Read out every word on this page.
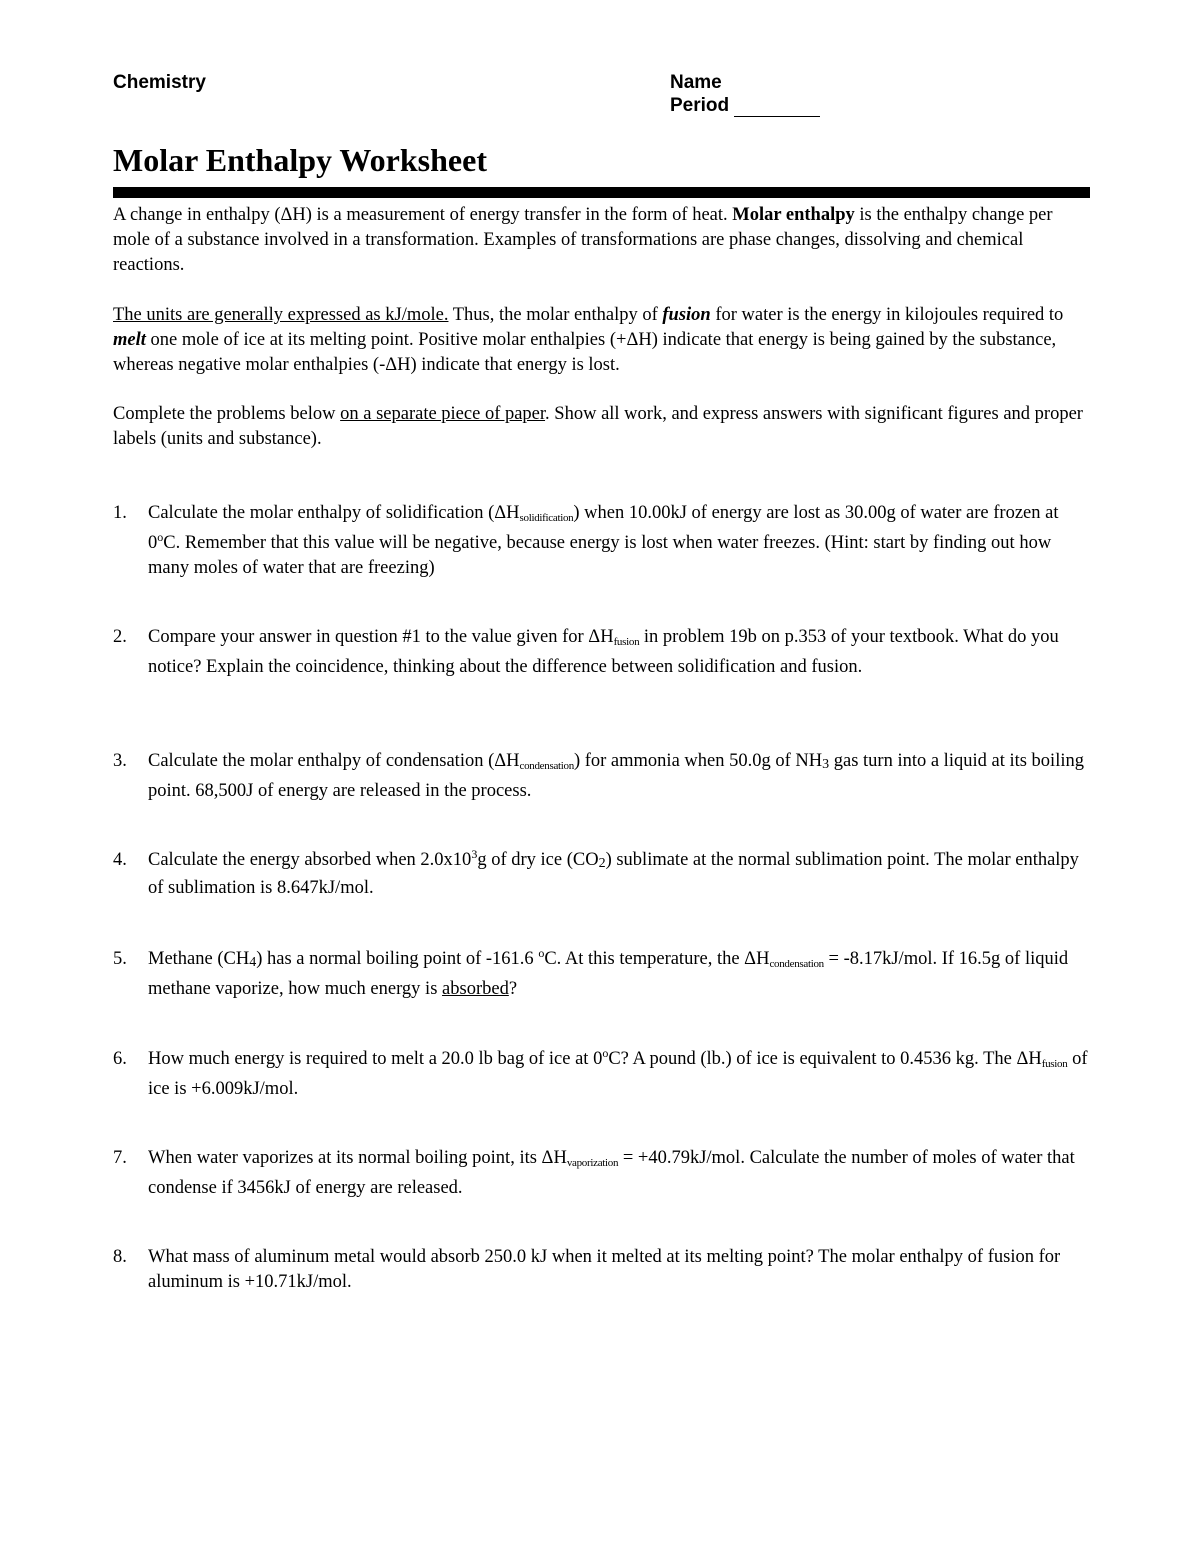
Chemistry	Name
Period
Molar Enthalpy Worksheet
A change in enthalpy (ΔH) is a measurement of energy transfer in the form of heat. Molar enthalpy is the enthalpy change per mole of a substance involved in a transformation. Examples of transformations are phase changes, dissolving and chemical reactions.
The units are generally expressed as kJ/mole. Thus, the molar enthalpy of fusion for water is the energy in kilojoules required to melt one mole of ice at its melting point. Positive molar enthalpies (+ΔH) indicate that energy is being gained by the substance, whereas negative molar enthalpies (-ΔH) indicate that energy is lost.
Complete the problems below on a separate piece of paper. Show all work, and express answers with significant figures and proper labels (units and substance).
1. Calculate the molar enthalpy of solidification $(\Delta H_{solidification})$ when 10.00kJ of energy are lost as 30.00g of water are frozen at 0$^o$C. Remember that this value will be negative, because energy is lost when water freezes. (Hint: start by finding out how many moles of water that are freezing)
2. Compare your answer in question #1 to the value given for $\Delta H_{fusion}$ in problem 19b on p.353 of your textbook. What do you notice? Explain the coincidence, thinking about the difference between solidification and fusion.
3. Calculate the molar enthalpy of condensation $(\Delta H_{condensation})$ for ammonia when 50.0g of $NH_3$ gas turn into a liquid at its boiling point. 68,500J of energy are released in the process.
4. Calculate the energy absorbed when $2.0x10^3g$ of dry ice $(CO_2)$ sublimate at the normal sublimation point. The molar enthalpy of sublimation is 8.647kJ/mol.
5. Methane $(CH_4)$ has a normal boiling point of -161.6 $^o$C. At this temperature, the $\Delta H_{condensation} = -8.17kJ/mol$. If 16.5g of liquid methane vaporize, how much energy is absorbed?
6. How much energy is required to melt a 20.0 lb bag of ice at 0$^o$C? A pound (lb.) of ice is equivalent to 0.4536 kg. The $\Delta H_{fusion}$ of ice is +6.009kJ/mol.
7. When water vaporizes at its normal boiling point, its $\Delta H_{vaporization} = +40.79kJ/mol$. Calculate the number of moles of water that condense if 3456kJ of energy are released.
8. What mass of aluminum metal would absorb 250.0 kJ when it melted at its melting point? The molar enthalpy of fusion for aluminum is +10.71kJ/mol.
